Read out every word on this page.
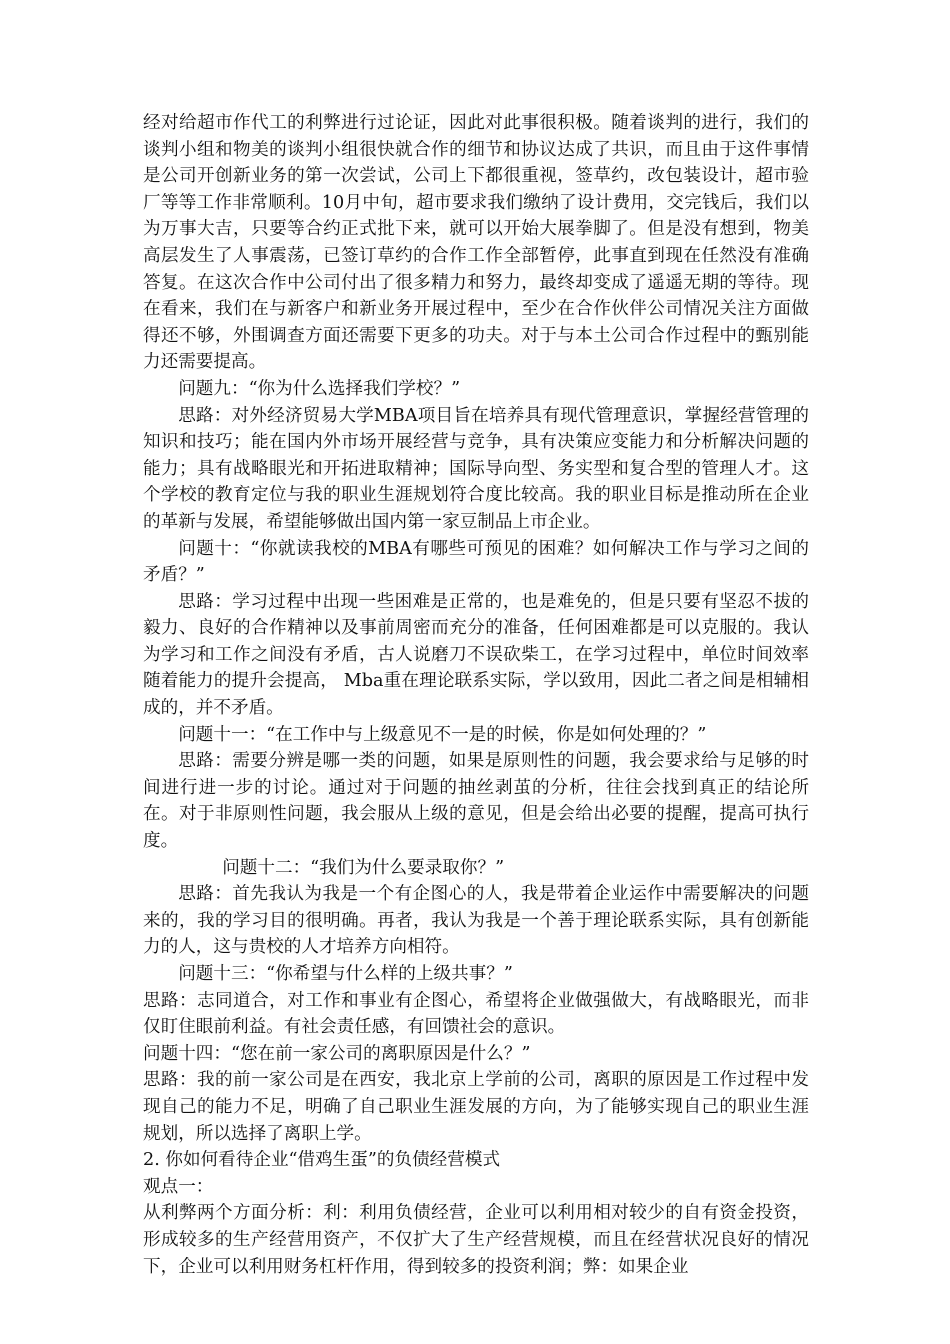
经对给超市作代工的利弊进行过论证，因此对此事很积极。随着谈判的进行，我们的谈判小组和物美的谈判小组很快就合作的细节和协议达成了共识，而且由于这件事情是公司开创新业务的第一次尝试，公司上下都很重视，签草约，改包装设计，超市验厂等等工作非常顺利。10月中旬，超市要求我们缴纳了设计费用，交完钱后，我们以为万事大吉，只要等合约正式批下来，就可以开始大展拳脚了。但是没有想到，物美高层发生了人事震荡，已签订草约的合作工作全部暂停，此事直到现在任然没有准确答复。在这次合作中公司付出了很多精力和努力，最终却变成了遥遥无期的等待。现在看来，我们在与新客户和新业务开展过程中，至少在合作伙伴公司情况关注方面做得还不够，外围调查方面还需要下更多的功夫。对于与本土公司合作过程中的甄别能力还需要提高。

问题九：“你为什么选择我们学校？”

思路：对外经济贸易大学MBA项目旨在培养具有现代管理意识，掌握经营管理的知识和技巧；能在国内外市场开展经营与竞争，具有决策应变能力和分析解决问题的能力；具有战略眼光和开拓进取精神；国际导向型、务实型和复合型的管理人才。这个学校的教育定位与我的职业生涯规划符合度比较高。我的职业目标是推动所在企业的革新与发展，希望能够做出国内第一家豆制品上市企业。

问题十：“你就读我校的MBA有哪些可预见的困难？如何解决工作与学习之间的矛盾？”

思路：学习过程中出现一些困难是正常的，也是难免的，但是只要有坚忍不拔的毅力、良好的合作精神以及事前周密而充分的准备，任何困难都是可以克服的。我认为学习和工作之间没有矛盾，古人说磨刀不误砍柴工，在学习过程中，单位时间效率随着能力的提升会提高， Mba重在理论联系实际，学以致用，因此二者之间是相辅相成的，并不矛盾。

问题十一：“在工作中与上级意见不一是的时候，你是如何处理的？”

思路：需要分辨是哪一类的问题，如果是原则性的问题，我会要求给与足够的时间进行进一步的讨论。通过对于问题的抽丝剥茧的分析，往往会找到真正的结论所在。对于非原则性问题，我会服从上级的意见，但是会给出必要的提醒，提高可执行度。

问题十二：“我们为什么要录取你？”

思路：首先我认为我是一个有企图心的人，我是带着企业运作中需要解决的问题来的，我的学习目的很明确。再者，我认为我是一个善于理论联系实际，具有创新能力的人，这与贵校的人才培养方向相符。

问题十三：“你希望与什么样的上级共事？”

思路：志同道合，对工作和事业有企图心，希望将企业做强做大，有战略眼光，而非仅盯住眼前利益。有社会责任感，有回馈社会的意识。

问题十四：“您在前一家公司的离职原因是什么？”

思路：我的前一家公司是在西安，我北京上学前的公司，离职的原因是工作过程中发现自己的能力不足，明确了自己职业生涯发展的方向，为了能够实现自己的职业生涯规划，所以选择了离职上学。

2. 你如何看待企业“借鸡生蛋”的负债经营模式

观点一：

从利弊两个方面分析：利：利用负债经营，企业可以利用相对较少的自有资金投资，形成较多的生产经营用资产，不仅扩大了生产经营规模，而且在经营状况良好的情况下，企业可以利用财务杠杆作用，得到较多的投资利润；弊：如果企业
